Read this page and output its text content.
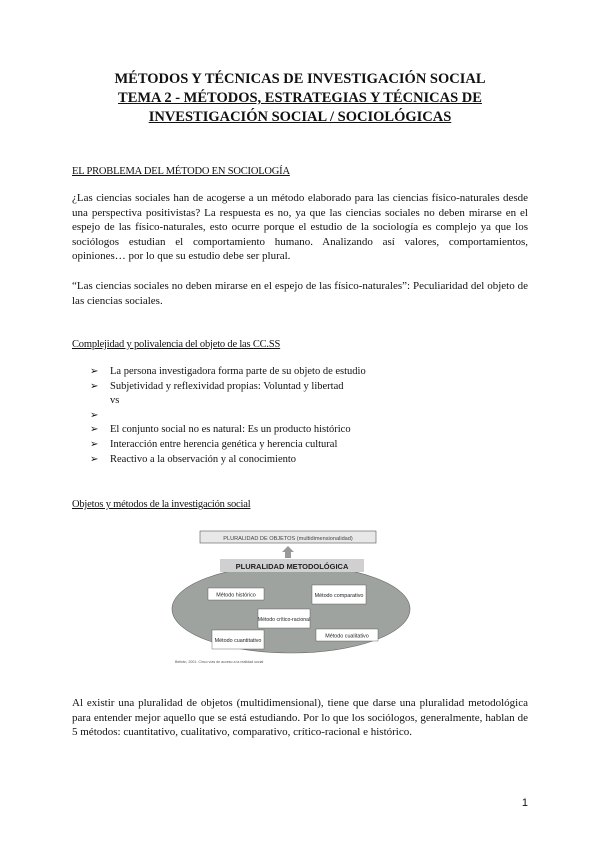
MÉTODOS Y TÉCNICAS DE INVESTIGACIÓN SOCIAL
TEMA 2 - MÉTODOS, ESTRATEGIAS Y TÉCNICAS DE
INVESTIGACIÓN SOCIAL / SOCIOLÓGICAS
EL PROBLEMA DEL MÉTODO EN SOCIOLOGÍA
¿Las ciencias sociales han de acogerse a un método elaborado para las ciencias físico-naturales desde una perspectiva positivistas? La respuesta es no, ya que las ciencias sociales no deben mirarse en el espejo de las físico-naturales, esto ocurre porque el estudio de la sociología es complejo ya que los sociólogos estudian el comportamiento humano. Analizando así valores, comportamientos, opiniones… por lo que su estudio debe ser plural.
“Las ciencias sociales no deben mirarse en el espejo de las físico-naturales”: Peculiaridad del objeto de las ciencias sociales.
Complejidad y polivalencia del objeto de las CC.SS
➢	La persona investigadora forma parte de su objeto de estudio
➢	Subjetividad y reflexividad propias: Voluntad y libertad
vs
➢
➢	El conjunto social no es natural: Es un producto histórico
➢	Interacción entre herencia genética y herencia cultural
➢	Reactivo a la observación y al conocimiento
Objetos y métodos de la investigación social
PLURALIDAD DE OBJETOS (multidimensionalidad)
PLURALIDAD METODOLÓGICA
Método histórico	Método comparativo
Método crítico-racional
Método cuantitativo
Método cualitativo
Beltrán, 2001. Cinco vías de acceso a la realidad social
Al existir una pluralidad de objetos (multidimensional), tiene que darse una pluralidad metodológica para entender mejor aquello que se está estudiando. Por lo que los sociólogos, generalmente, hablan de 5 métodos: cuantitativo, cualitativo, comparativo, crítico-racional e histórico.
1
